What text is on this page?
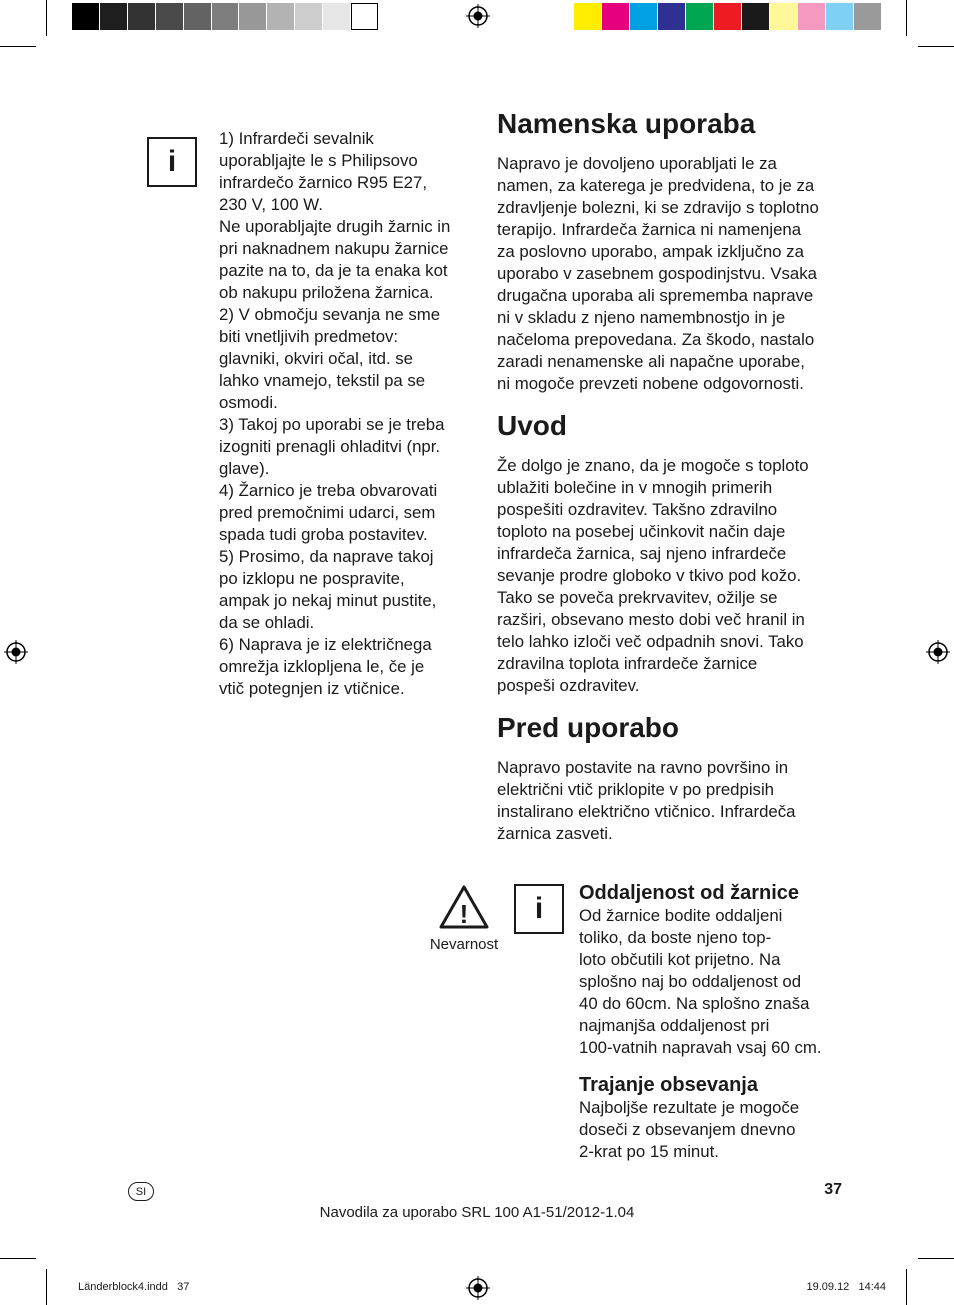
i

1) Infrardeči sevalnik
uporabljajte le s Philipsovo
infrardečo žarnico R95 E27,
230 V, 100 W.
Ne uporabljajte drugih žarnic in
pri naknadnem nakupu žarnice
pazite na to, da je ta enaka kot
ob nakupu priložena žarnica.
2) V območju sevanja ne sme
biti vnetljivih predmetov:
glavniki, okviri očal, itd. se
lahko vnamejo, tekstil pa se
osmodi.
3) Takoj po uporabi se je treba
izogniti prenagli ohladitvi (npr.
glave).
4) Žarnico je treba obvarovati
pred premočnimi udarci, sem
spada tudi groba postavitev.
5) Prosimo, da naprave takoj
po izklopu ne pospravite,
ampak jo nekaj minut pustite,
da se ohladi.
6) Naprava je iz električnega
omrežja izklopljena le, če je
vtič potegnjen iz vtičnice.

Namenska uporaba

Napravo je dovoljeno uporabljati le za
namen, za katerega je predvidena, to je za
zdravljenje bolezni, ki se zdravijo s toplotno
terapijo. Infrardeča žarnica ni namenjena
za poslovno uporabo, ampak izključno za
uporabo v zasebnem gospodinjstvu. Vsaka
drugačna uporaba ali sprememba naprave
ni v skladu z njeno namembnostjo in je
načeloma prepovedana. Za škodo, nastalo
zaradi nenamenske ali napačne uporabe,
ni mogoče prevzeti nobene odgovornosti.

Uvod

Že dolgo je znano, da je mogoče s toploto
ublažiti bolečine in v mnogih primerih
pospešiti ozdravitev. Takšno zdravilno
toploto na posebej učinkovit način daje
infrardeča žarnica, saj njeno infrardeče
sevanje prodre globoko v tkivo pod kožo.
Tako se poveča prekrvavitev, ožilje se
razširi, obsevano mesto dobi več hranil in
telo lahko izloči več odpadnih snovi. Tako
zdravilna toplota infrardeče žarnice
pospeši ozdravitev.

Pred uporabo

Napravo postavite na ravno površino in
električni vtič priklopite v po predpisih
instalirano električno vtičnico. Infrardeča
žarnica zasveti.

!
Nevarnost
i Oddaljenost od žarnice

Od žarnice bodite oddaljeni
toliko, da boste njeno top-
loto občutili kot prijetno. Na
splošno naj bo oddaljenost od
40 do 60cm. Na splošno znaša
najmanjša oddaljenost pri
100-vatnih napravah vsaj 60 cm.

Trajanje obsevanja

Najboljše rezultate je mogoče
doseči z obsevanjem dnevno
2-krat po 15 minut.

SI	37
Navodila za uporabo SRL 100 A1-51/2012-1.04
Länderblock4.indd   37	19.09.12   14:44
